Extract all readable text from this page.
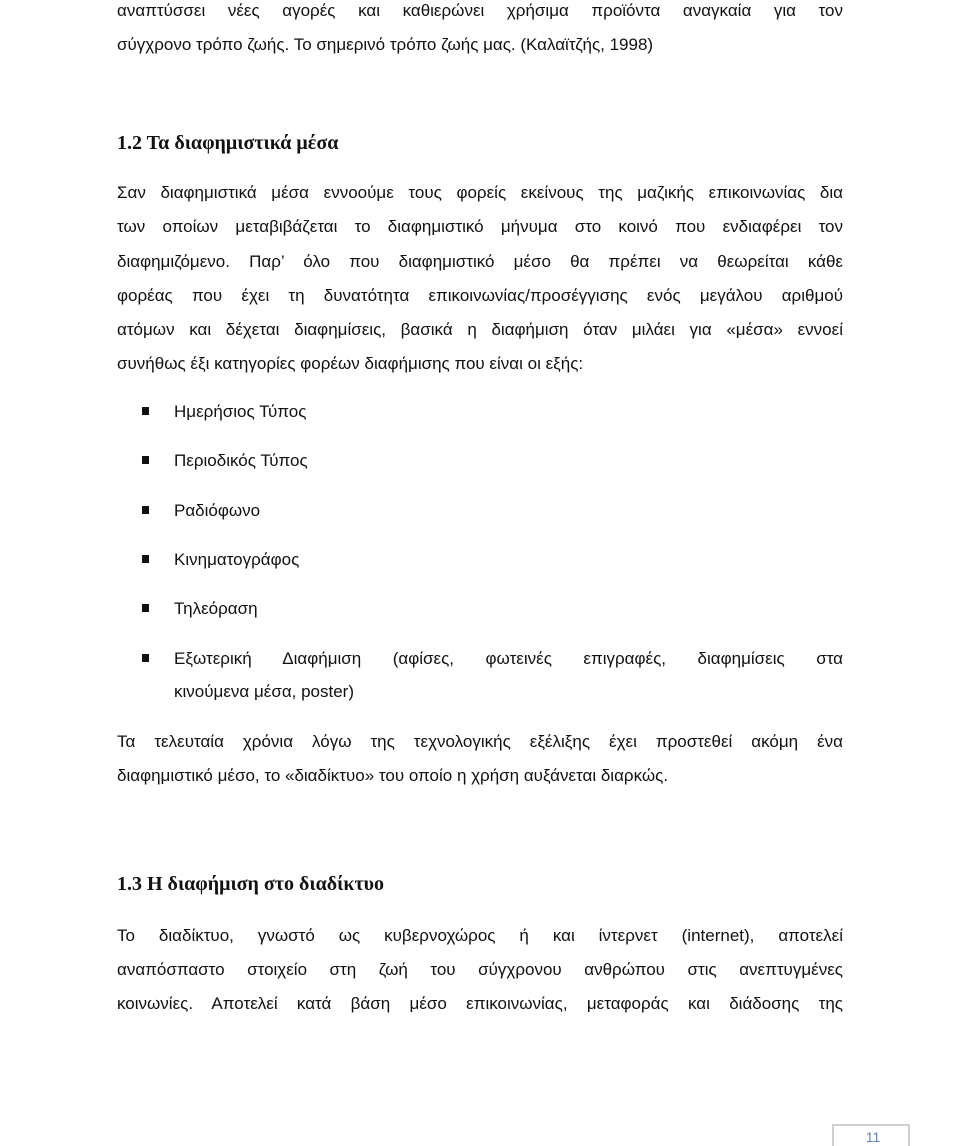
αναπτύσσει νέες αγορές και καθιερώνει χρήσιμα προϊόντα αναγκαία για τον

σύγχρονο τρόπο ζωής. Το σημερινό τρόπο ζωής μας. (Καλαϊτζής, 1998)

1.2 Τα διαφημιστικά μέσα

Σαν διαφημιστικά μέσα εννοούμε τους φορείς εκείνους της μαζικής επικοινωνίας δια

των οποίων μεταβιβάζεται το διαφημιστικό μήνυμα στο κοινό που ενδιαφέρει τον

διαφημιζόμενο. Παρ’ όλο που διαφημιστικό μέσο θα πρέπει να θεωρείται κάθε

φορέας που έχει τη δυνατότητα επικοινωνίας/προσέγγισης ενός μεγάλου αριθμού

ατόμων και δέχεται διαφημίσεις, βασικά η διαφήμιση όταν μιλάει για «μέσα» εννοεί

συνήθως έξι κατηγορίες φορέων διαφήμισης που είναι οι εξής:

Ημερήσιος Τύπος
Περιοδικός Τύπος
Ραδιόφωνο
Κινηματογράφος
Τηλεόραση
Εξωτερική Διαφήμιση (αφίσες, φωτεινές επιγραφές, διαφημίσεις στα

κινούμενα μέσα, poster)

Τα τελευταία χρόνια λόγω της τεχνολογικής εξέλιξης έχει προστεθεί ακόμη ένα

διαφημιστικό μέσο, το «διαδίκτυο» του οποίο η χρήση αυξάνεται διαρκώς.

1.3 Η διαφήμιση στο διαδίκτυο

Το διαδίκτυο, γνωστό ως κυβερνοχώρος ή και ίντερνετ (internet), αποτελεί

αναπόσπαστο στοιχείο στη ζωή του σύγχρονου ανθρώπου στις ανεπτυγμένες

κοινωνίες. Αποτελεί κατά βάση μέσο επικοινωνίας, μεταφοράς και διάδοσης της

11
